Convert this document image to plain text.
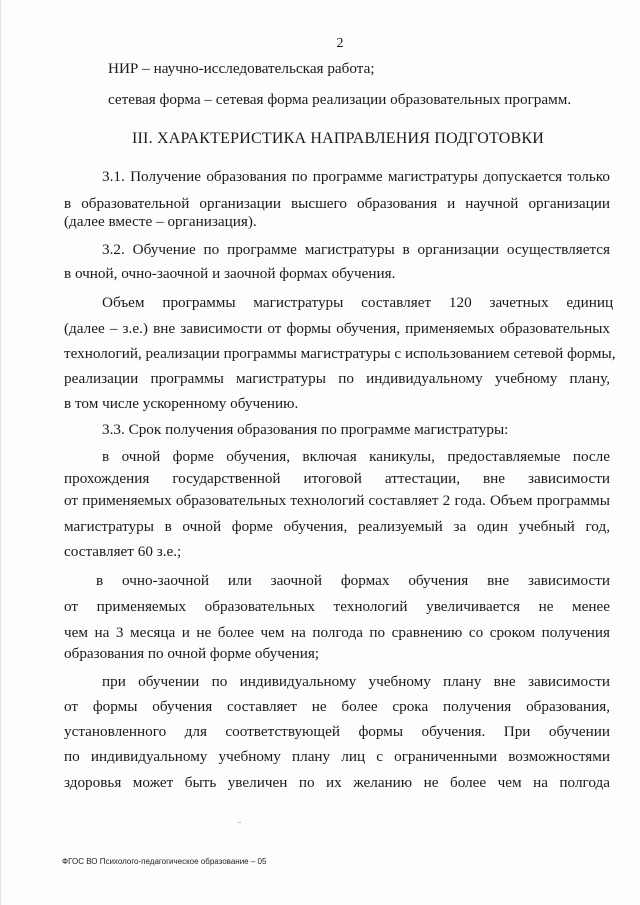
2
НИР – научно-исследовательская работа;
сетевая форма – сетевая форма реализации образовательных программ.
III. ХАРАКТЕРИСТИКА НАПРАВЛЕНИЯ ПОДГОТОВКИ
3.1. Получение образования по программе магистратуры допускается только
в образовательной организации высшего образования и научной организации
(далее вместе – организация).
3.2. Обучение по программе магистратуры в организации осуществляется
в очной, очно-заочной и заочной формах обучения.
Объем программы магистратуры составляет 120 зачетных единиц
(далее – з.е.) вне зависимости от формы обучения, применяемых образовательных
технологий, реализации программы магистратуры с использованием сетевой формы,
реализации программы магистратуры по индивидуальному учебному плану,
в том числе ускоренному обучению.
3.3. Срок получения образования по программе магистратуры:
в очной форме обучения, включая каникулы, предоставляемые после
прохождения государственной итоговой аттестации, вне зависимости
от применяемых образовательных технологий составляет 2 года. Объем программы
магистратуры в очной форме обучения, реализуемый за один учебный год,
составляет 60 з.е.;
в очно-заочной или заочной формах обучения вне зависимости
от применяемых образовательных технологий увеличивается не менее
чем на 3 месяца и не более чем на полгода по сравнению со сроком получения
образования по очной форме обучения;
при обучении по индивидуальному учебному плану вне зависимости
от формы обучения составляет не более срока получения образования,
установленного для соответствующей формы обучения. При обучении
по индивидуальному учебному плану лиц с ограниченными возможностями
здоровья может быть увеличен по их желанию не более чем на полгода
ФГОС ВО Психолого-педагогическое образование – 05
